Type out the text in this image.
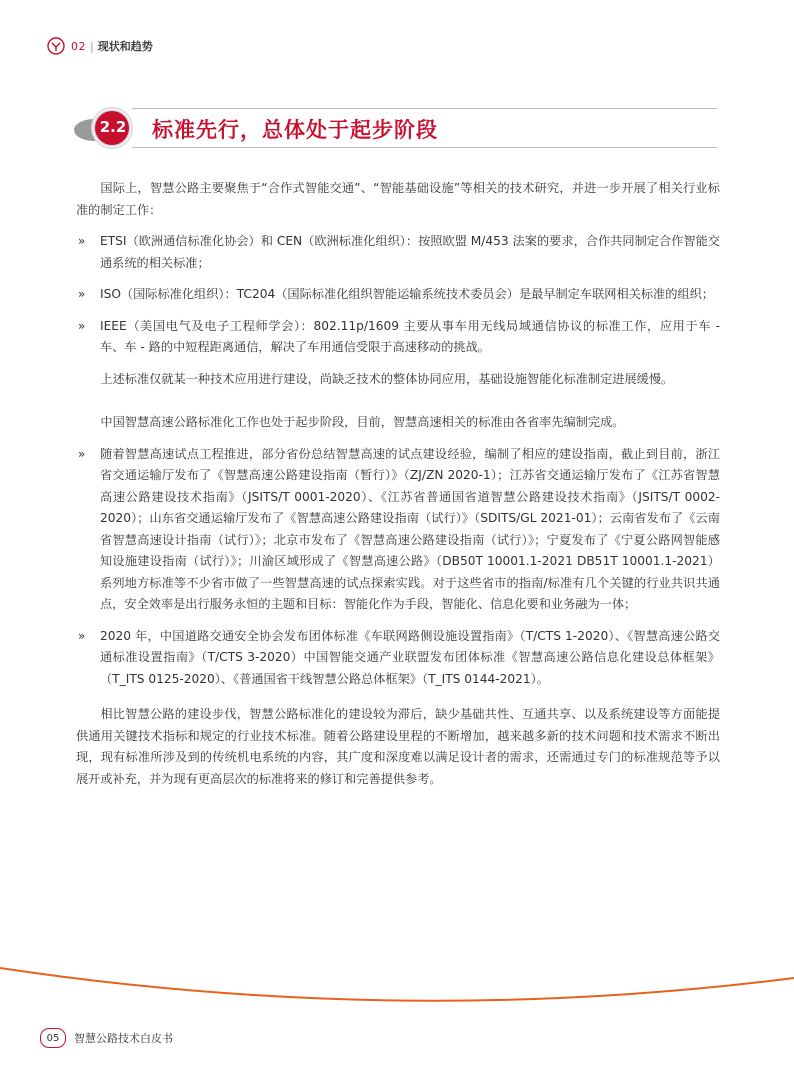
02 | 现状和趋势
2.2	标准先行，总体处于起步阶段

国际上，智慧公路主要聚焦于“合作式智能交通”、“智能基础设施”等相关的技术研究，并进一步开展了相关行业标准的制定工作：

» ETSI（欧洲通信标准化协会）和 CEN（欧洲标准化组织）：按照欧盟 M/453 法案的要求，合作共同制定合作智能交通系统的相关标准；

» ISO（国际标准化组织）：TC204（国际标准化组织智能运输系统技术委员会）是最早制定车联网相关标准的组织；

» IEEE（美国电气及电子工程师学会）：802.11p/1609 主要从事车用无线局域通信协议的标准工作，应用于车 - 车、车 - 路的中短程距离通信，解决了车用通信受限于高速移动的挑战。

上述标准仅就某一种技术应用进行建设，尚缺乏技术的整体协同应用，基础设施智能化标准制定进展缓慢。

中国智慧高速公路标准化工作也处于起步阶段，目前，智慧高速相关的标准由各省率先编制完成。

» 随着智慧高速试点工程推进，部分省份总结智慧高速的试点建设经验，编制了相应的建设指南，截止到目前，浙江省交通运输厅发布了《智慧高速公路建设指南（暂行）》（ZJ/ZN 2020-1）；江苏省交通运输厅发布了《江苏省智慧高速公路建设技术指南》（JSITS/T 0001-2020）、《江苏省普通国省道智慧公路建设技术指南》（JSITS/T 0002-2020）；山东省交通运输厅发布了《智慧高速公路建设指南（试行）》（SDITS/GL 2021-01）；云南省发布了《云南省智慧高速设计指南（试行）》；北京市发布了《智慧高速公路建设指南（试行）》；宁夏发布了《宁夏公路网智能感知设施建设指南（试行）》；川渝区域形成了《智慧高速公路》（DB50T 10001.1-2021 DB51T 10001.1-2021）系列地方标准等不少省市做了一些智慧高速的试点探索实践。对于这些省市的指南/标准有几个关键的行业共识共通点，安全效率是出行服务永恒的主题和目标：智能化作为手段，智能化、信息化要和业务融为一体；

» 2020 年，中国道路交通安全协会发布团体标准《车联网路侧设施设置指南》（T/CTS 1-2020）、《智慧高速公路交通标准设置指南》（T/CTS 3-2020）中国智能交通产业联盟发布团体标准《智慧高速公路信息化建设总体框架》（T_ITS 0125-2020）、《普通国省干线智慧公路总体框架》（T_ITS 0144-2021）。

相比智慧公路的建设步伐，智慧公路标准化的建设较为滞后，缺少基础共性、互通共享、以及系统建设等方面能提供通用关键技术指标和规定的行业技术标准。随着公路建设里程的不断增加，越来越多新的技术问题和技术需求不断出现，现有标准所涉及到的传统机电系统的内容，其广度和深度难以满足设计者的需求，还需通过专门的标准规范等予以展开或补充，并为现有更高层次的标准将来的修订和完善提供参考。

05	智慧公路技术白皮书
